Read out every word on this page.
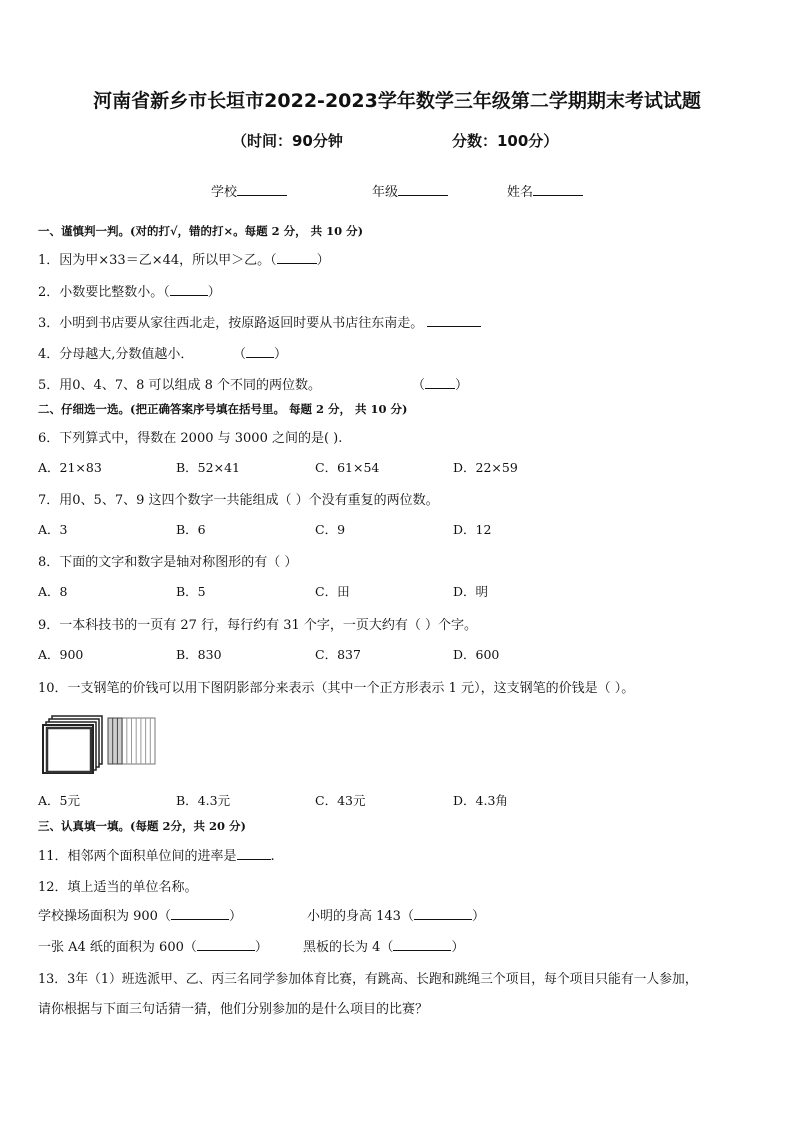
河南省新乡市长垣市2022-2023学年数学三年级第二学期期末考试试题
（时间：90分钟	分数：100分）
学校	年级	姓名
一、谨慎判一判。(对的打√，错的打×。每题 2 分， 共 10 分)
1．因为甲×33＝乙×44，所以甲＞乙。（	）
2．小数要比整数小。（	）
3．小明到书店要从家往西北走，按原路返回时要从书店往东南走。
4．分母越大,分数值越小．	（ ）
5．用0、4、7、8 可以组成 8 个不同的两位数。	（ ）
二、仔细选一选。(把正确答案序号填在括号里。 每题 2 分， 共 10 分)
6．下列算式中，得数在 2000 与 3000 之间的是( ).
A．21×83	B．52×41	C．61×54	D．22×59
7．用0、5、7、9 这四个数字一共能组成（ ）个没有重复的两位数。
A．3	B．6	C．9	D．12
8．下面的文字和数字是轴对称图形的有（ ）
A．8	B．5	C．田	D．明
9．一本科技书的一页有 27 行，每行约有 31 个字，一页大约有（ ）个字。
A．900	B．830	C．837	D．600
10．一支钢笔的价钱可以用下图阴影部分来表示（其中一个正方形表示 1 元），这支钢笔的价钱是（ ）。
A．5元	B．4.3元	C．43元	D．4.3角
三、认真填一填。(每题 2分，共 20 分)
11．相邻两个面积单位间的进率是	.
12．填上适当的单位名称。
学校操场面积为 900（	）	小明的身高 143（	）
一张 A4 纸的面积为 600（	）	黑板的长为 4（	）
13．3年（1）班选派甲、乙、丙三名同学参加体育比赛，有跳高、长跑和跳绳三个项目，每个项目只能有一人参加，
请你根据与下面三句话猜一猜，他们分别参加的是什么项目的比赛？
